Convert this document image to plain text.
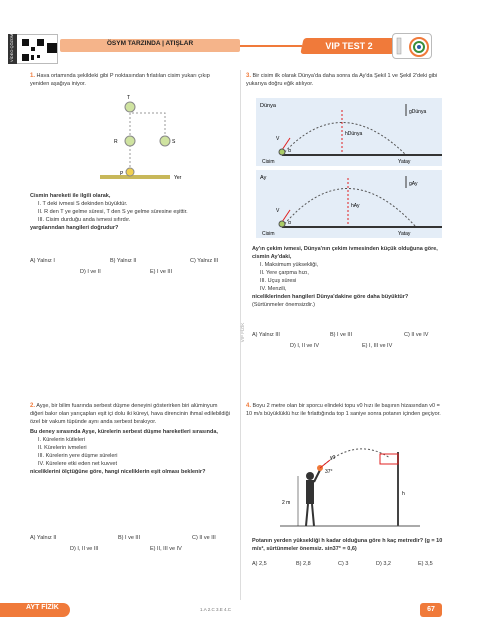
VİDEO ÇÖZÜM	ÖSYM TARZINDA | ATIŞLAR	VIP TEST 2
VIP FİZİK
1. Hava ortamında şekildeki gibi P noktasından fırlatılan cisim yukarı çıkıp yeniden aşağıya iniyor.
T
R	S
P
Yer
Cismin hareketi ile ilgili olarak,
I. T deki ivmesi S dekinden büyüktür.
II. R den T ye gelme süresi, T den S ye gelme süresine eşittir.
III. Cisim durduğu anda ivmesi sıfırdır.
yargılarından hangileri doğrudur?
A) Yalnız I	B) Yalnız II	C) Yalnız III
D) I ve II	E) I ve III
2. Ayşe, bir bilim fuarında serbest düşme deneyini gösterirken biri alüminyum diğeri bakır olan yarıçapları eşit içi dolu iki küreyi, hava direncinin ihmal edilebildiği özel bir vakum tüpünde aynı anda serbest bırakıyor.
Bu deney sırasında Ayşe, kürelerin serbest düşme hareketleri sırasında,
I. Kürelerin kütleleri
II. Kürelerin ivmeleri
III. Kürelerin yere düşme süreleri
IV. Kürelere etki eden net kuvvet
niceliklerini ölçtüğüne göre, hangi niceliklerin eşit olması beklenir?
A) Yalnız II	B) I ve III	C) II ve III
D) I, II ve III	E) II, III ve IV
3. Bir cisim ilk olarak Dünya'da daha sonra da Ay'da Şekil 1 ve Şekil 2'deki gibi yukarıya doğru eğik atılıyor.
Dünya
gDünya
hDünya
V
α
Cisim	Yatay
Ay
gAy
hAy
V
α
Cisim	Yatay
Ay'ın çekim ivmesi, Dünya'nın çekim ivmesinden küçük olduğuna göre, cismin Ay'daki,
I. Maksimum yüksekliği,
II. Yere çarpma hızı,
III. Uçuş süresi
IV. Menzili,
niceliklerinden hangileri Dünya'dakine göre daha büyüktür?
(Sürtünmeler önemsizdir.)
A) Yalnız III	B) I ve III	C) II ve IV
D) I, II ve IV	E) I, III ve IV
4. Boyu 2 metre olan bir sporcu elindeki topu v0 hızı ile başının hizasından v0 = 10 m/s büyüklüklü hız ile fırlattığında top 1 saniye sonra potanın içinden geçiyor.
37°
v0
h
2 m
Potanın yerden yüksekliği h kadar olduğuna göre h kaç metredir? (g = 10 m/s², sürtünmeler önemsiz. sin37° = 0,6)
A) 2,5	B) 2,8	C) 3	D) 3,2	E) 3,5
AYT FİZİK	1.A 2.C 3.E 4.C	67
